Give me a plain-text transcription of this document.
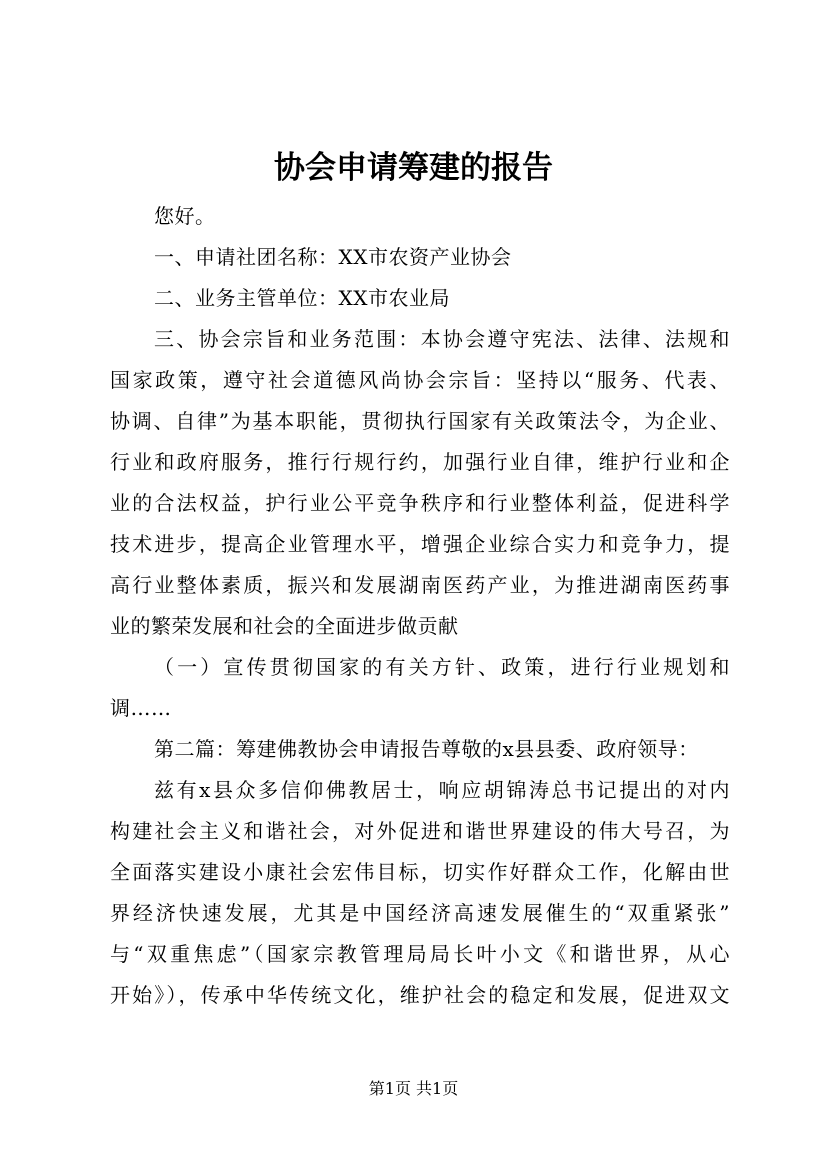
协会申请筹建的报告
您好。
一、申请社团名称：XX市农资产业协会
二、业务主管单位：XX市农业局
三、协会宗旨和业务范围：本协会遵守宪法、法律、法规和
国家政策，遵守社会道德风尚协会宗旨：坚持以“服务、代表、
协调、自律”为基本职能，贯彻执行国家有关政策法令，为企业、
行业和政府服务，推行行规行约，加强行业自律，维护行业和企
业的合法权益，护行业公平竞争秩序和行业整体利益，促进科学
技术进步，提高企业管理水平，增强企业综合实力和竞争力，提
高行业整体素质，振兴和发展湖南医药产业，为推进湖南医药事
业的繁荣发展和社会的全面进步做贡献
（一）宣传贯彻国家的有关方针、政策，进行行业规划和
调……
第二篇：筹建佛教协会申请报告尊敬的x县县委、政府领导：
兹有x县众多信仰佛教居士，响应胡锦涛总书记提出的对内
构建社会主义和谐社会，对外促进和谐世界建设的伟大号召，为
全面落实建设小康社会宏伟目标，切实作好群众工作，化解由世
界经济快速发展，尤其是中国经济高速发展催生的“双重紧张”
与“双重焦虑”（国家宗教管理局局长叶小文《和谐世界，从心
开始》），传承中华传统文化，维护社会的稳定和发展，促进双文
第1页 共1页
